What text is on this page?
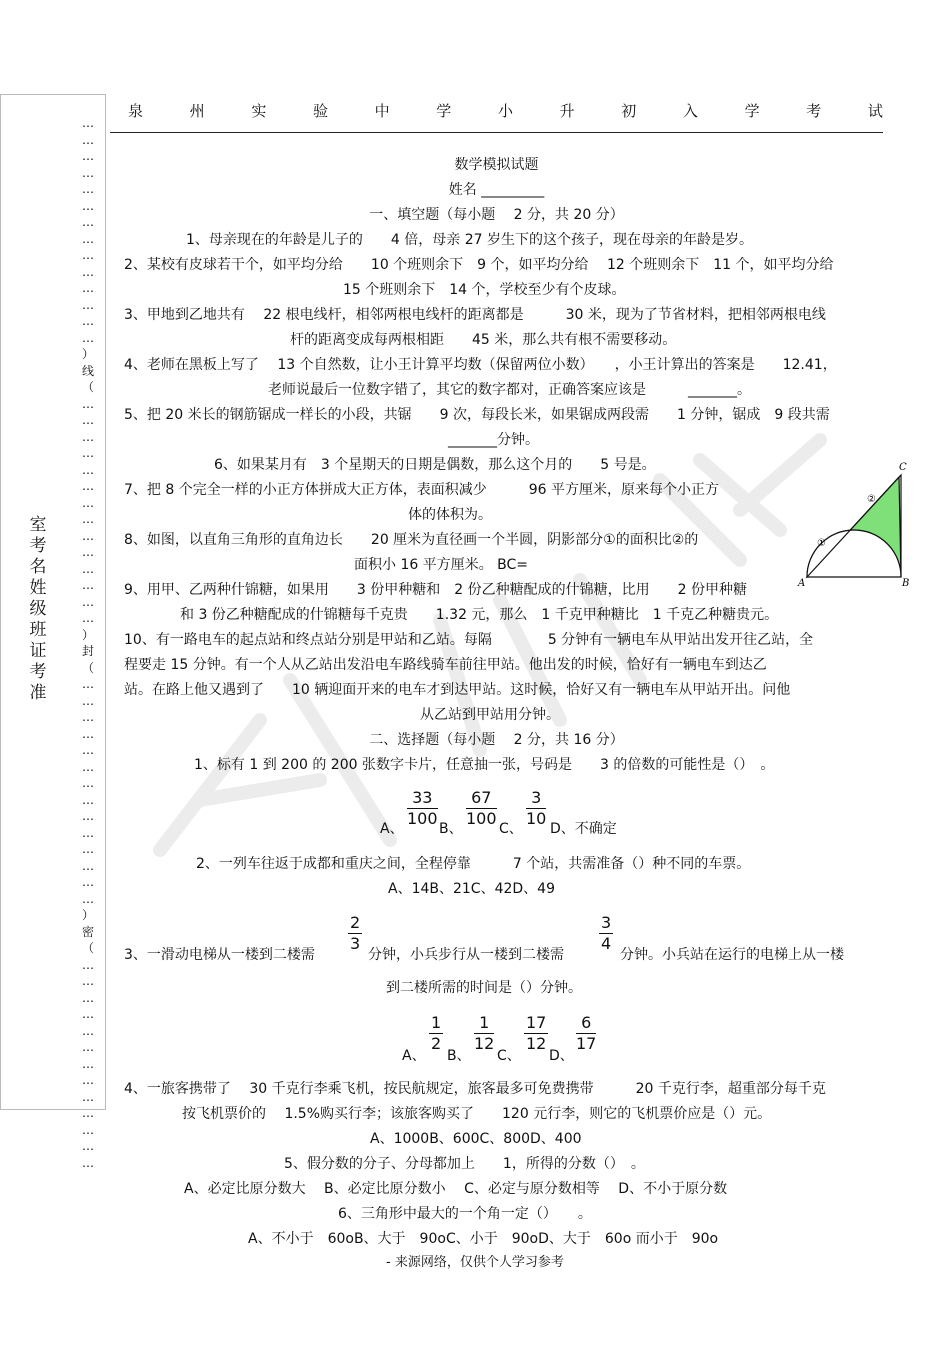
…
…
…
…
…
…
…
…
…
…
…
…
…
…
）
线
（
…
…
…
…
…
…
…
…
…
…
…
…
…
…
）
封
（
…
…
…
…
…
…
…
…
…
…
…
…
…
…
）
密
（
…
…
…
…
…
…
…
…
…
…
…
…
…
室
考
名
姓
级
班
证
考
准
泉	州	实	验	中	学	小	升	初	入	学	考	试
数学模拟试题
姓名 _________
一、填空题（每小题　 2 分，共 20 分）
1、母亲现在的年龄是儿子的　　4 倍，母亲 27 岁生下的这个孩子，现在母亲的年龄是岁。
2、某校有皮球若干个，如平均分给　　10 个班则余下　9 个，如平均分给　 12 个班则余下　11 个，如平均分给
15 个班则余下　14 个，学校至少有个皮球。
3、甲地到乙地共有　 22 根电线杆，相邻两根电线杆的距离都是　　　30 米，现为了节省材料，把相邻两根电线
杆的距离变成每两根相距　　45 米，那么共有根不需要移动。
4、老师在黑板上写了　 13 个自然数，让小王计算平均数（保留两位小数）　　，小王计算出的答案是　　12.41，
老师说最后一位数字错了，其它的数字都对，正确答案应该是　　　_______。
5、把 20 米长的钢筋锯成一样长的小段，共锯　　9 次，每段长米，如果锯成两段需　　1 分钟，锯成　9 段共需
_______分钟。
6、如果某月有　3 个星期天的日期是偶数，那么这个月的　　5 号是。
7、把 8 个完全一样的小正方体拼成大正方体，表面积减少　　　96 平方厘米，原来每个小正方
体的体积为。
8、如图，以直角三角形的直角边长　　20 厘米为直径画一个半圆，阴影部分①的面积比②的
面积小 16 平方厘米。 BC=
9、用甲、乙两种什锦糖，如果用　　3 份甲种糖和　2 份乙种糖配成的什锦糖，比用　　2 份甲种糖
和 3 份乙种糖配成的什锦糖每千克贵　　1.32 元，那么　1 千克甲种糖比　1 千克乙种糖贵元。
10、有一路电车的起点站和终点站分别是甲站和乙站。每隔　　　　5 分钟有一辆电车从甲站出发开往乙站，全
程要走 15 分钟。有一个人从乙站出发沿电车路线骑车前往甲站。他出发的时候，恰好有一辆电车到达乙
站。在路上他又遇到了　　10 辆迎面开来的电车才到达甲站。这时候，恰好又有一辆电车从甲站开出。问他
从乙站到甲站用分钟。
A	B
C
①
②
二、选择题（每小题　 2 分，共 16 分）
1、标有 1 到 200 的 200 张数字卡片，任意抽一张，号码是　　3 的倍数的可能性是（）　。
$\frac{33}{100} \frac{67}{100} \frac{3}{10}$
A、	B、	C、 D、不确定
2、一列车往返于成都和重庆之间，全程停靠　　　7 个站，共需准备（）种不同的车票。
A、14B、21C、42D、49
$\frac{2}{3}$	$\frac{3}{4}$
3、一滑动电梯从一楼到二楼需	分钟，小兵步行从一楼到二楼需	分钟。小兵站在运行的电梯上从一楼
到二楼所需的时间是（）分钟。
$\frac{1}{2} \frac{1}{12} \frac{17}{12} \frac{6}{17}$
A、 B、 C、 D、
4、一旅客携带了　 30 千克行李乘飞机，按民航规定，旅客最多可免费携带　　　20 千克行李，超重部分每千克
按飞机票价的　 1.5%购买行李；该旅客购买了　　120 元行李，则它的飞机票价应是（）元。
A、1000B、600C、800D、400
5、假分数的分子、分母都加上　　1，所得的分数（）　。
A、必定比原分数大　 B、必定比原分数小　 C、必定与原分数相等　 D、不小于原分数
6、三角形中最大的一个角一定（）　　。
A、不小于　60oB、大于　90oC、小于　90oD、大于　60o 而小于　90o
- 来源网络，仅供个人学习参考
